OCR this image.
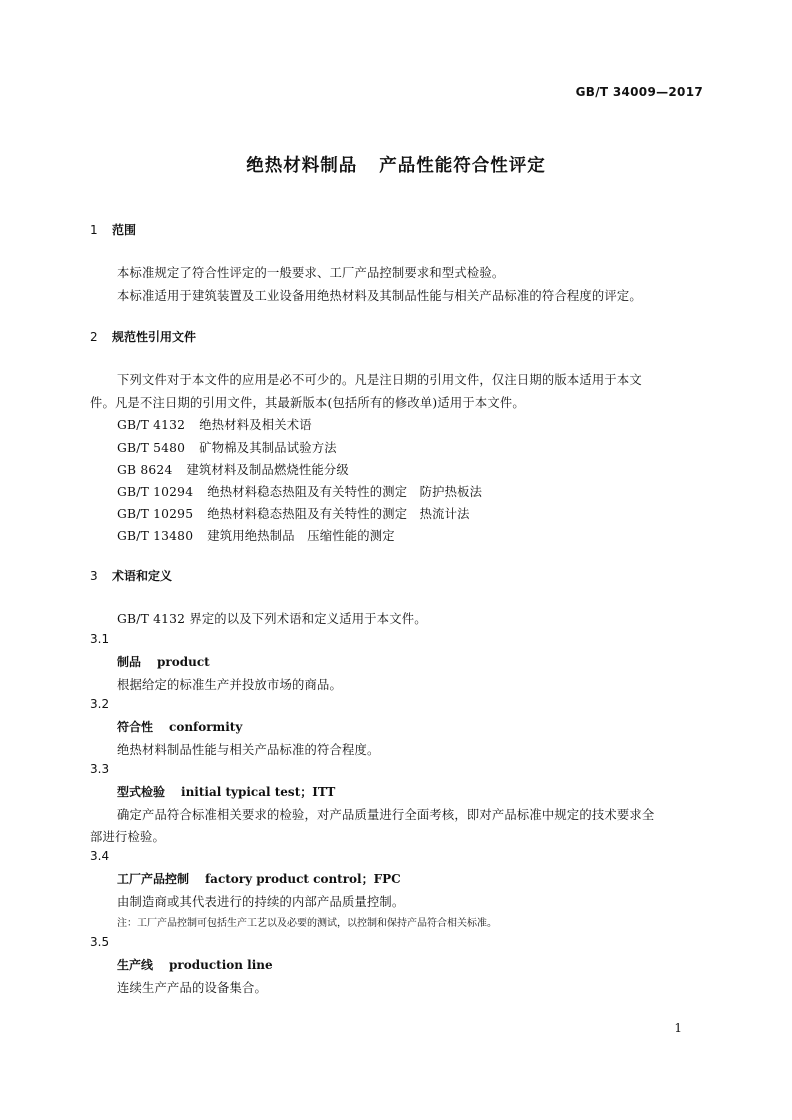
GB/T 34009—2017
绝热材料制品 产品性能符合性评定
1 范围
本标准规定了符合性评定的一般要求、工厂产品控制要求和型式检验。
本标准适用于建筑装置及工业设备用绝热材料及其制品性能与相关产品标准的符合程度的评定。
2 规范性引用文件
下列文件对于本文件的应用是必不可少的。凡是注日期的引用文件，仅注日期的版本适用于本文
件。凡是不注日期的引用文件，其最新版本(包括所有的修改单)适用于本文件。
GB/T 4132 绝热材料及相关术语
GB/T 5480 矿物棉及其制品试验方法
GB 8624 建筑材料及制品燃烧性能分级
GB/T 10294 绝热材料稳态热阻及有关特性的测定　防护热板法
GB/T 10295 绝热材料稳态热阻及有关特性的测定　热流计法
GB/T 13480 建筑用绝热制品　压缩性能的测定
3 术语和定义
GB/T 4132 界定的以及下列术语和定义适用于本文件。
3.1
制品 product
根据给定的标准生产并投放市场的商品。
3.2
符合性 conformity
绝热材料制品性能与相关产品标准的符合程度。
3.3
型式检验 initial typical test；ITT
确定产品符合标准相关要求的检验，对产品质量进行全面考核，即对产品标准中规定的技术要求全
部进行检验。
3.4
工厂产品控制 factory product control；FPC
由制造商或其代表进行的持续的内部产品质量控制。
注：工厂产品控制可包括生产工艺以及必要的测试，以控制和保持产品符合相关标准。
3.5
生产线 production line
连续生产产品的设备集合。
1
